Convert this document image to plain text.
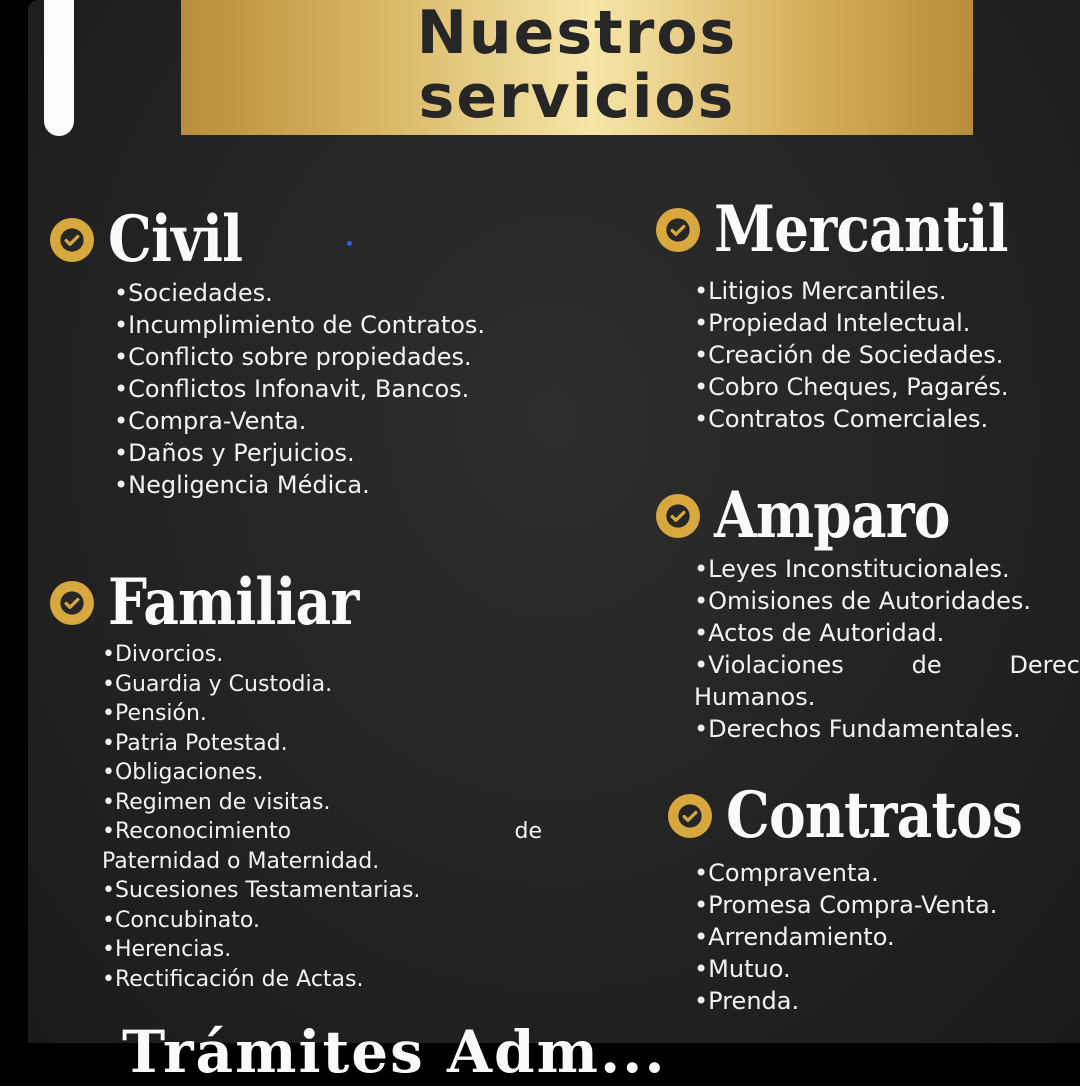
Nuestros
servicios
Civil
•Sociedades.
•Incumplimiento de Contratos.
•Conflicto sobre propiedades.
•Conflictos Infonavit, Bancos.
•Compra-Venta.
•Daños y Perjuicios.
•Negligencia Médica.
Familiar
•Divorcios.
•Guardia y Custodia.
•Pensión.
•Patria Potestad.
•Obligaciones.
•Regimen de visitas.
•Reconocimiento	de
Paternidad o Maternidad.
•Sucesiones Testamentarias.
•Concubinato.
•Herencias.
•Rectificación de Actas.
Mercantil
•Litigios Mercantiles.
•Propiedad Intelectual.
•Creación de Sociedades.
•Cobro Cheques, Pagarés.
•Contratos Comerciales.
Amparo
•Leyes Inconstitucionales.
•Omisiones de Autoridades.
•Actos de Autoridad.
•Violaciones	de	Derec
Humanos.
•Derechos Fundamentales.
Contratos
•Compraventa.
•Promesa Compra-Venta.
•Arrendamiento.
•Mutuo.
•Prenda.
Trámites Adm...
